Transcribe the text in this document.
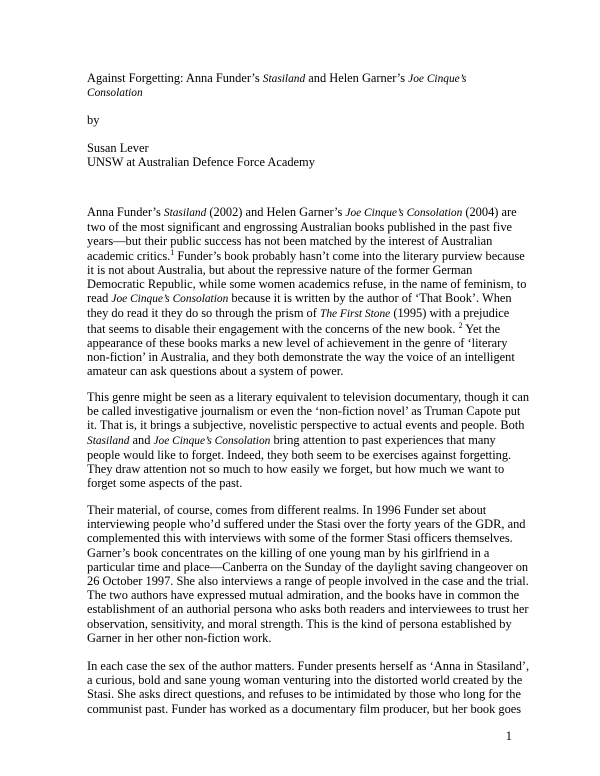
Against Forgetting: Anna Funder’s Stasiland and Helen Garner’s Joe Cinque’s
Consolation
by
Susan Lever
UNSW at Australian Defence Force Academy
Anna Funder’s Stasiland (2002) and Helen Garner’s Joe Cinque’s Consolation (2004) are
two of the most significant and engrossing Australian books published in the past five
years—but their public success has not been matched by the interest of Australian
academic critics.$^1$ Funder’s book probably hasn’t come into the literary purview because
it is not about Australia, but about the repressive nature of the former German
Democratic Republic, while some women academics refuse, in the name of feminism, to
read Joe Cinque’s Consolation because it is written by the author of ‘That Book’. When
they do read it they do so through the prism of The First Stone (1995) with a prejudice
that seems to disable their engagement with the concerns of the new book. $^2$ Yet the
appearance of these books marks a new level of achievement in the genre of ‘literary
non-fiction’ in Australia, and they both demonstrate the way the voice of an intelligent
amateur can ask questions about a system of power.
This genre might be seen as a literary equivalent to television documentary, though it can
be called investigative journalism or even the ‘non-fiction novel’ as Truman Capote put
it. That is, it brings a subjective, novelistic perspective to actual events and people. Both
Stasiland and Joe Cinque’s Consolation bring attention to past experiences that many
people would like to forget. Indeed, they both seem to be exercises against forgetting.
They draw attention not so much to how easily we forget, but how much we want to
forget some aspects of the past.
Their material, of course, comes from different realms. In 1996 Funder set about
interviewing people who’d suffered under the Stasi over the forty years of the GDR, and
complemented this with interviews with some of the former Stasi officers themselves.
Garner’s book concentrates on the killing of one young man by his girlfriend in a
particular time and place—Canberra on the Sunday of the daylight saving changeover on
26 October 1997. She also interviews a range of people involved in the case and the trial.
The two authors have expressed mutual admiration, and the books have in common the
establishment of an authorial persona who asks both readers and interviewees to trust her
observation, sensitivity, and moral strength. This is the kind of persona established by
Garner in her other non-fiction work.
In each case the sex of the author matters. Funder presents herself as ‘Anna in Stasiland’,
a curious, bold and sane young woman venturing into the distorted world created by the
Stasi. She asks direct questions, and refuses to be intimidated by those who long for the
communist past. Funder has worked as a documentary film producer, but her book goes
1
